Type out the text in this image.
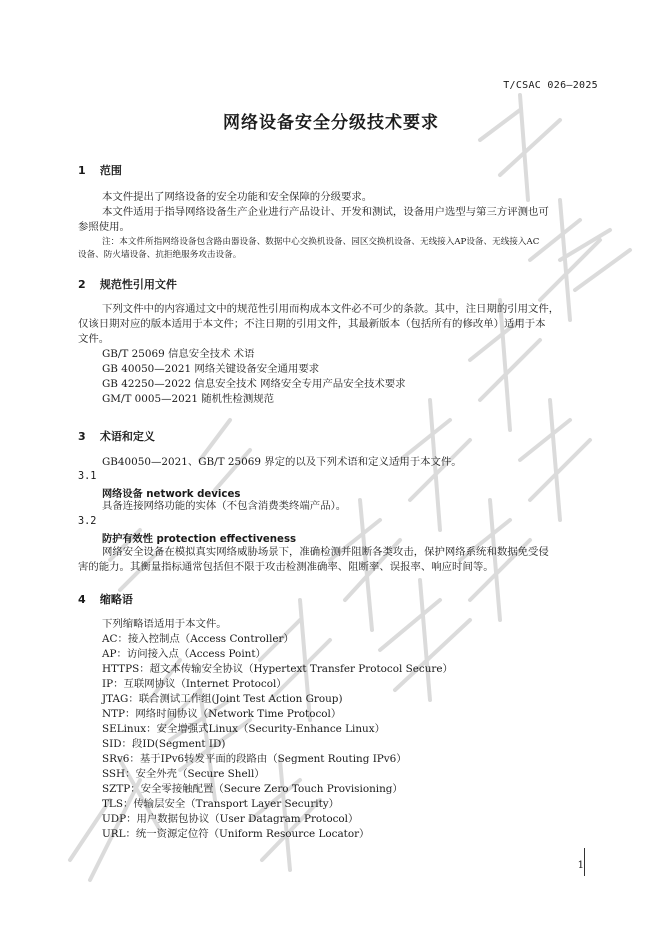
T/CSAC 026—2025
网络设备安全分级技术要求
1 范围
本文件提出了网络设备的安全功能和安全保障的分级要求。
本文件适用于指导网络设备生产企业进行产品设计、开发和测试，设备用户选型与第三方评测也可
参照使用。
注：本文件所指网络设备包含路由器设备、数据中心交换机设备、园区交换机设备、无线接入AP设备、无线接入AC
设备、防火墙设备、抗拒绝服务攻击设备。
2 规范性引用文件
下列文件中的内容通过文中的规范性引用而构成本文件必不可少的条款。其中，注日期的引用文件，
仅该日期对应的版本适用于本文件；不注日期的引用文件，其最新版本（包括所有的修改单）适用于本
文件。
GB/T 25069 信息安全技术 术语
GB 40050—2021 网络关键设备安全通用要求
GB 42250—2022 信息安全技术 网络安全专用产品安全技术要求
GM/T 0005—2021 随机性检测规范
3 术语和定义
GB40050—2021、GB/T 25069 界定的以及下列术语和定义适用于本文件。
3.1
网络设备 network devices
具备连接网络功能的实体（不包含消费类终端产品）。
3.2
防护有效性 protection effectiveness
网络安全设备在模拟真实网络威胁场景下，准确检测并阻断各类攻击，保护网络系统和数据免受侵
害的能力。其衡量指标通常包括但不限于攻击检测准确率、阻断率、误报率、响应时间等。
4 缩略语
下列缩略语适用于本文件。
AC：接入控制点（Access Controller）
AP：访问接入点（Access Point）
HTTPS：超文本传输安全协议（Hypertext Transfer Protocol Secure）
IP：互联网协议（Internet Protocol）
JTAG：联合测试工作组(Joint Test Action Group)
NTP：网络时间协议（Network Time Protocol）
SELinux：安全增强式Linux（Security-Enhance Linux）
SID：段ID(Segment ID)
SRv6：基于IPv6转发平面的段路由（Segment Routing IPv6）
SSH：安全外壳（Secure Shell）
SZTP：安全零接触配置（Secure Zero Touch Provisioning）
TLS：传输层安全（Transport Layer Security）
UDP：用户数据包协议（User Datagram Protocol）
URL：统一资源定位符（Uniform Resource Locator）
1
